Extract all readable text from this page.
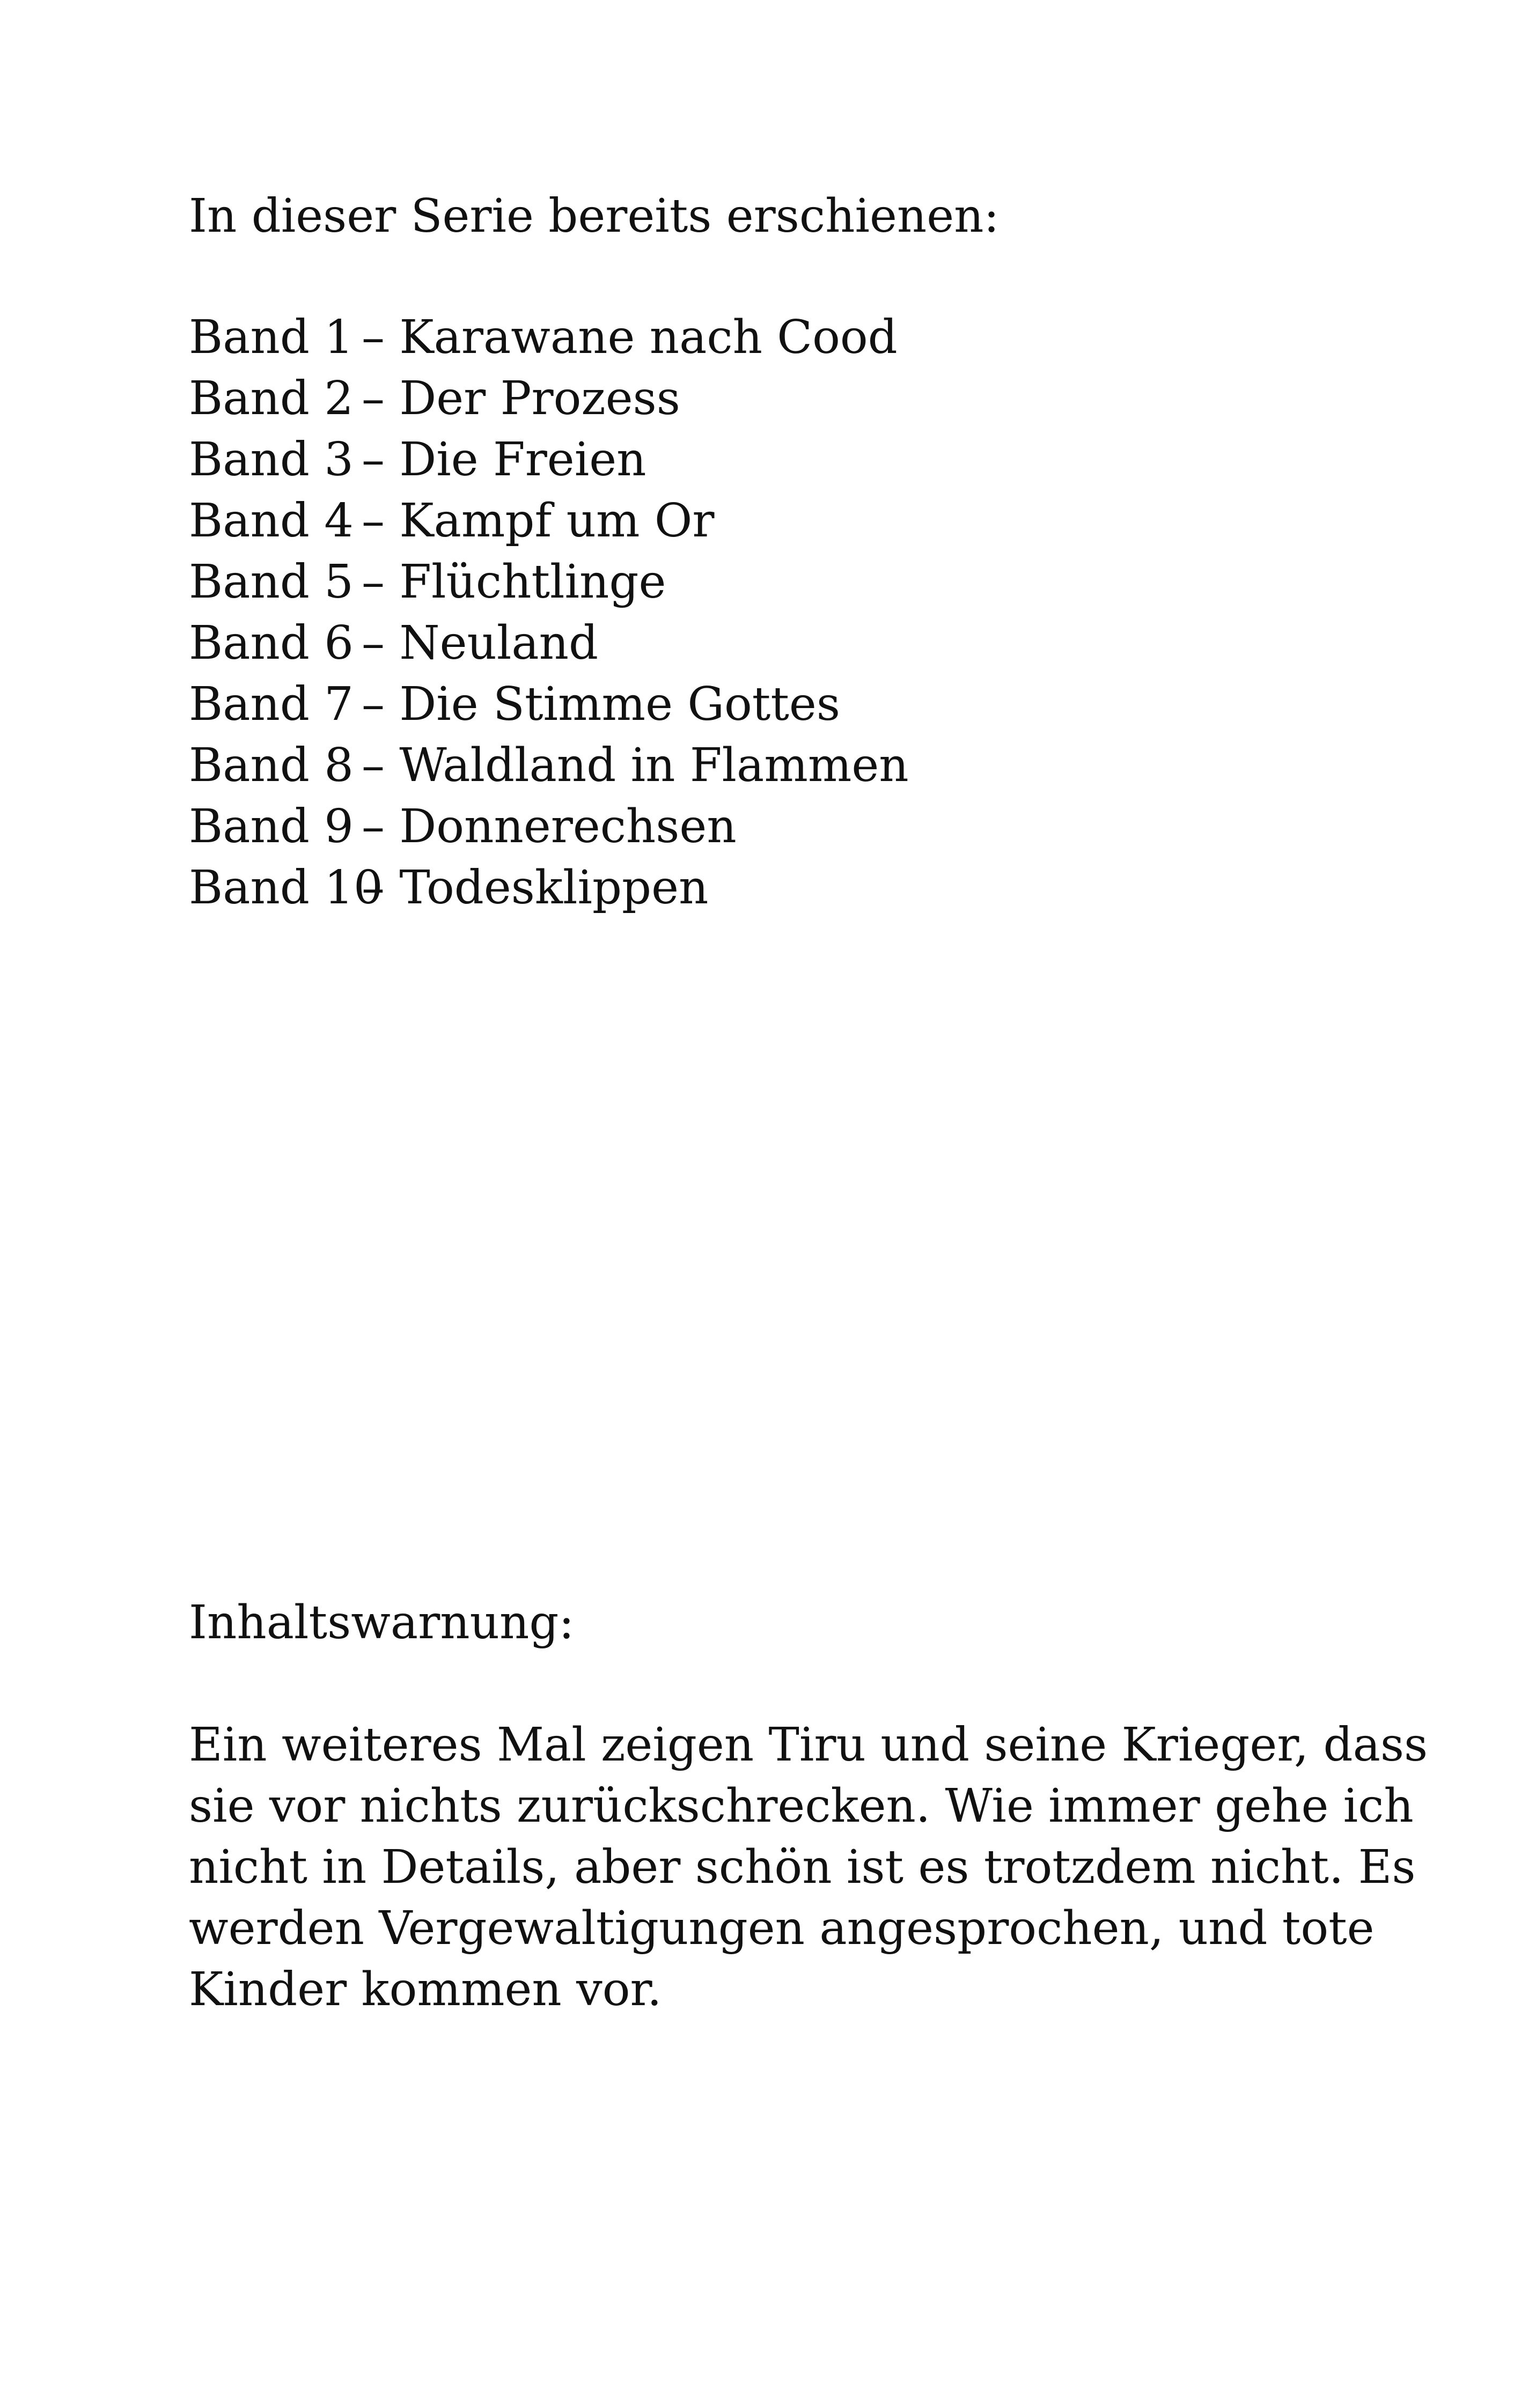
In dieser Serie bereits erschienen:
Band 1 – Karawane nach Cood
Band 2 – Der Prozess
Band 3 – Die Freien
Band 4 – Kampf um Or
Band 5 – Flüchtlinge
Band 6 – Neuland
Band 7 – Die Stimme Gottes
Band 8 – Waldland in Flammen
Band 9 – Donnerechsen
Band 10
– Todesklippen
Inhaltswarnung:
Ein weiteres Mal zeigen Tiru und seine Krieger, dass
sie vor nichts zurückschrecken. Wie immer gehe ich
nicht in Details, aber schön ist es trotzdem nicht. Es
werden Vergewaltigungen angesprochen, und tote
Kinder kommen vor.
